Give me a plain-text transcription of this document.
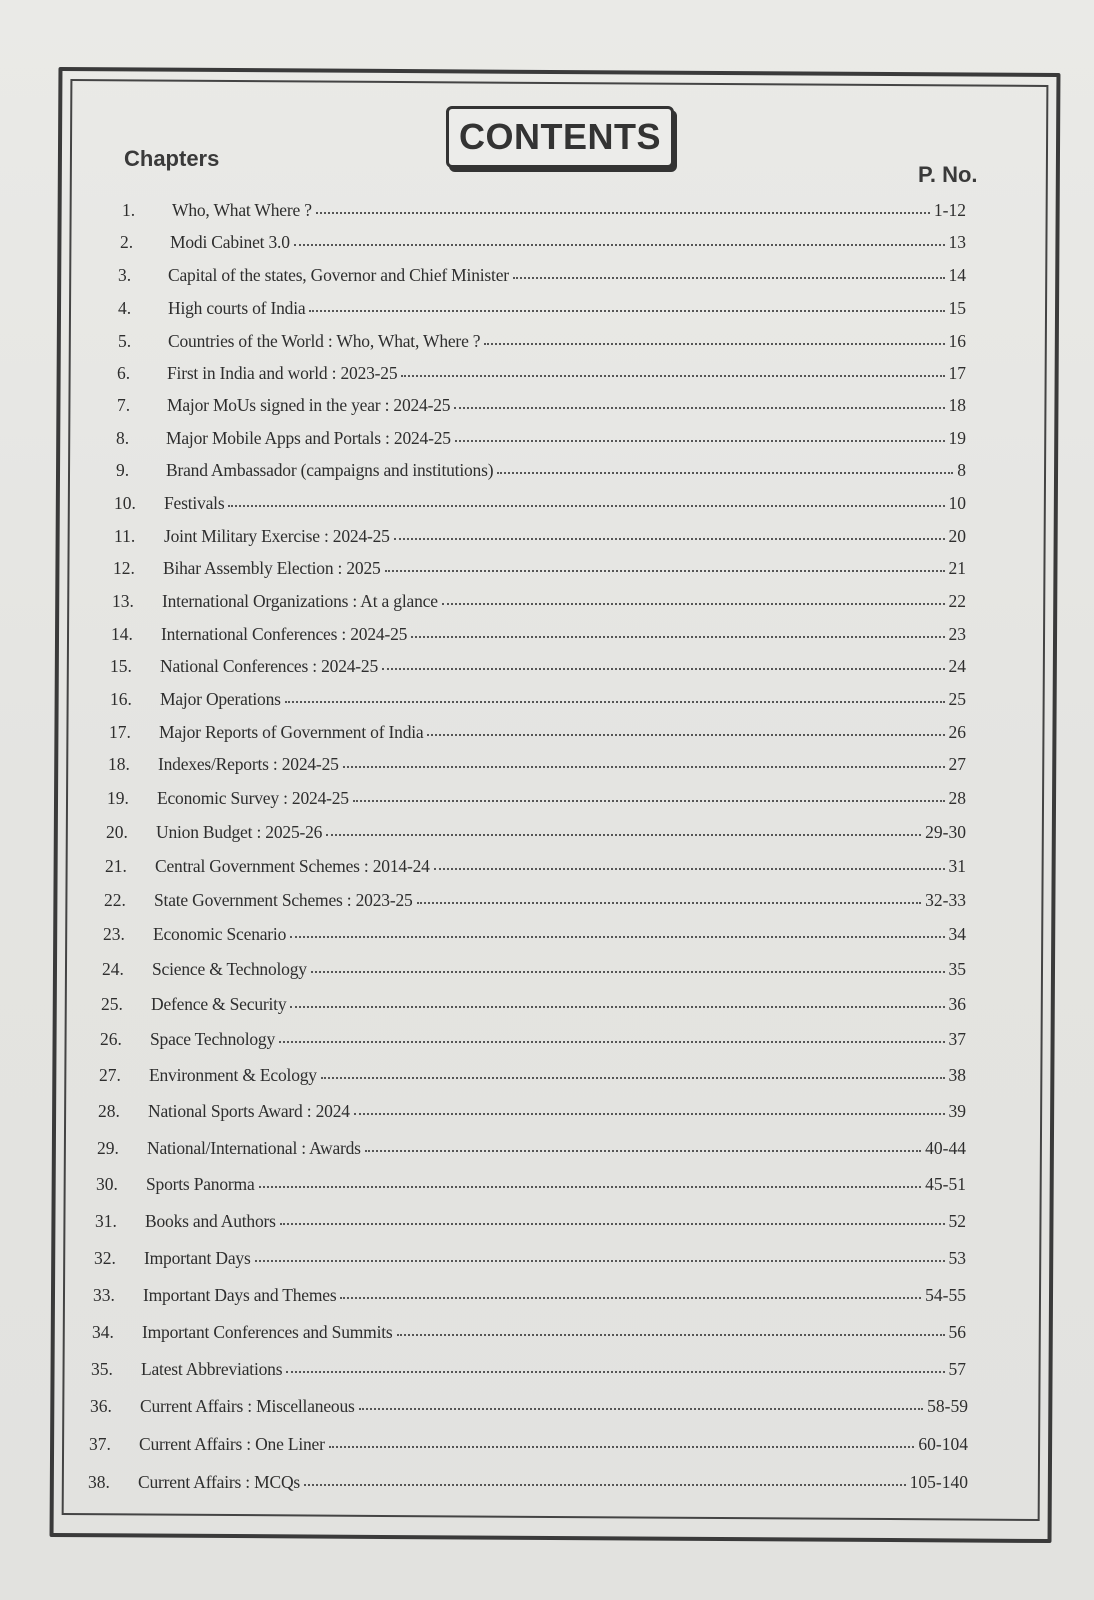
CONTENTS
Chapters
P. No.
1.	Who, What Where ?	1-12
2.	Modi Cabinet 3.0	13
3.	Capital of the states, Governor and Chief Minister	14
4.	High courts of India	15
5.	Countries of the World : Who, What, Where ?	16
6.	First in India and world : 2023-25	17
7.	Major MoUs signed in the year : 2024-25	18
8.	Major Mobile Apps and Portals : 2024-25	19
9.	Brand Ambassador (campaigns and institutions)	8
10.	Festivals	10
11.	Joint Military Exercise : 2024-25	20
12.	Bihar Assembly Election : 2025	21
13.	International Organizations : At a glance	22
14.	International Conferences : 2024-25	23
15.	National Conferences : 2024-25	24
16.	Major Operations	25
17.	Major Reports of Government of India	26
18.	Indexes/Reports : 2024-25	27
19.	Economic Survey : 2024-25	28
20.	Union Budget : 2025-26	29-30
21.	Central Government Schemes : 2014-24	31
22.	State Government Schemes : 2023-25	32-33
23.	Economic Scenario	34
24.	Science & Technology	35
25.	Defence & Security	36
26.	Space Technology	37
27.	Environment & Ecology	38
28.	National Sports Award : 2024	39
29.	National/International : Awards	40-44
30.	Sports Panorma	45-51
31.	Books and Authors	52
32.	Important Days	53
33.	Important Days and Themes	54-55
34.	Important Conferences and Summits	56
35.	Latest Abbreviations	57
36.	Current Affairs : Miscellaneous	58-59
37.	Current Affairs : One Liner	60-104
38.	Current Affairs : MCQs	105-140
